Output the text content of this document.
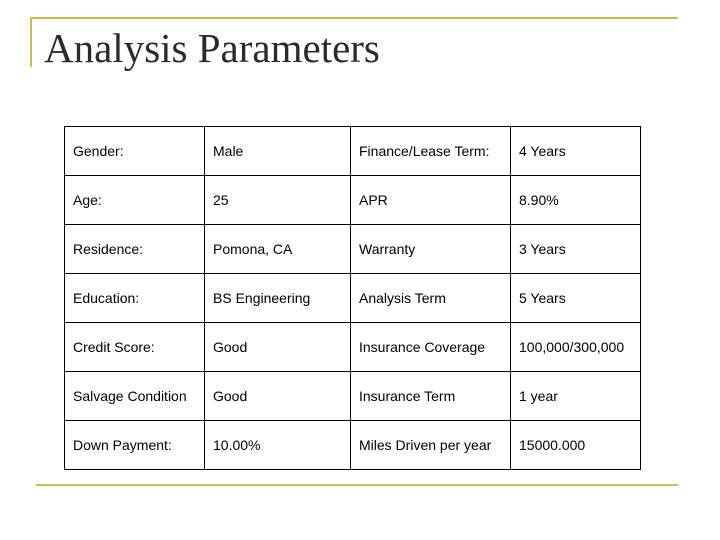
Analysis Parameters
Gender:	Male	Finance/Lease Term:	4 Years
Age:	25	APR	8.90%
Residence:	Pomona, CA	Warranty	3 Years
Education:	BS Engineering	Analysis Term	5 Years
Credit Score:	Good	Insurance Coverage	100,000/300,000
Salvage Condition	Good	Insurance Term	1 year
Down Payment:	10.00%	Miles Driven per year	15000.000
